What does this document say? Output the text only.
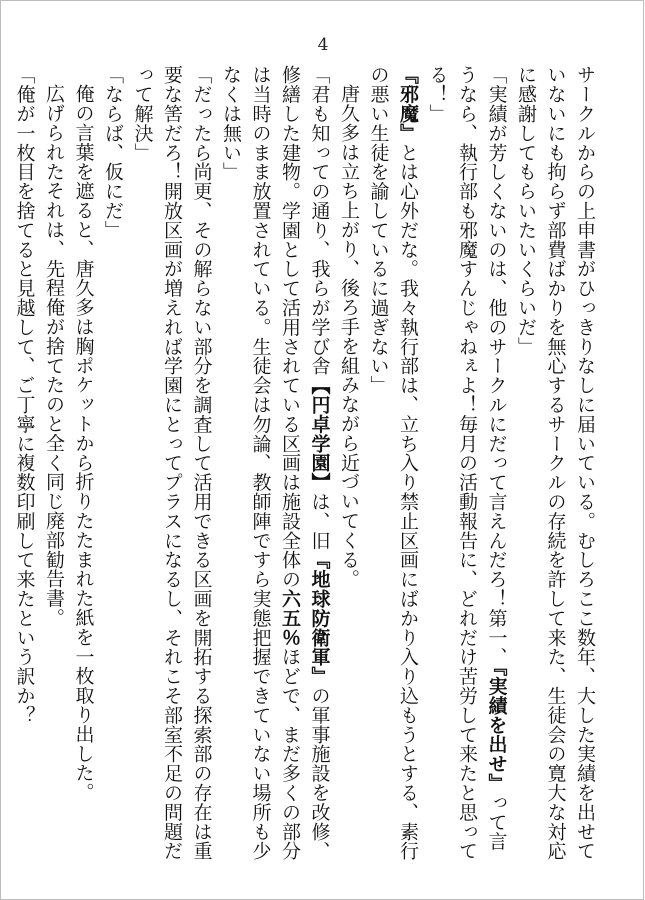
4

サークルからの上申書がひっきりなしに届いている。むしろここ数年、大した実績を出せていないにも拘らず部費ばかりを無心するサークルの存続を許して来た、生徒会の寛大な対応に感謝してもらいたいくらいだ」

「実績が芳しくないのは、他のサークルにだって言えんだろ！第一、『実績を出せ』って言うなら、執行部も邪魔すんじゃねぇよ！毎月の活動報告に、どれだけ苦労して来たと思ってる！」

『邪魔』とは心外だな。我々執行部は、立ち入り禁止区画にばかり入り込もうとする、素行の悪い生徒を諭しているに過ぎない」

唐久多は立ち上がり、後ろ手を組みながら近づいてくる。

「君も知っての通り、我らが学び舎【円卓学園】は、旧『地球防衛軍』の軍事施設を改修、修繕した建物。学園として活用されている区画は施設全体の六五％ほどで、まだ多くの部分は当時のまま放置されている。生徒会は勿論、教師陣ですら実態把握できていない場所も少なくは無い」

「だったら尚更、その解らない部分を調査して活用できる区画を開拓する探索部の存在は重要な筈だろ！開放区画が増えれば学園にとってプラスになるし、それこそ部室不足の問題だって解決」

「ならば、仮にだ」

俺の言葉を遮ると、唐久多は胸ポケットから折りたたまれた紙を一枚取り出した。

広げられたそれは、先程俺が捨てたのと全く同じ廃部勧告書。

「俺が一枚目を捨てると見越して、ご丁寧に複数印刷して来たという訳か？
